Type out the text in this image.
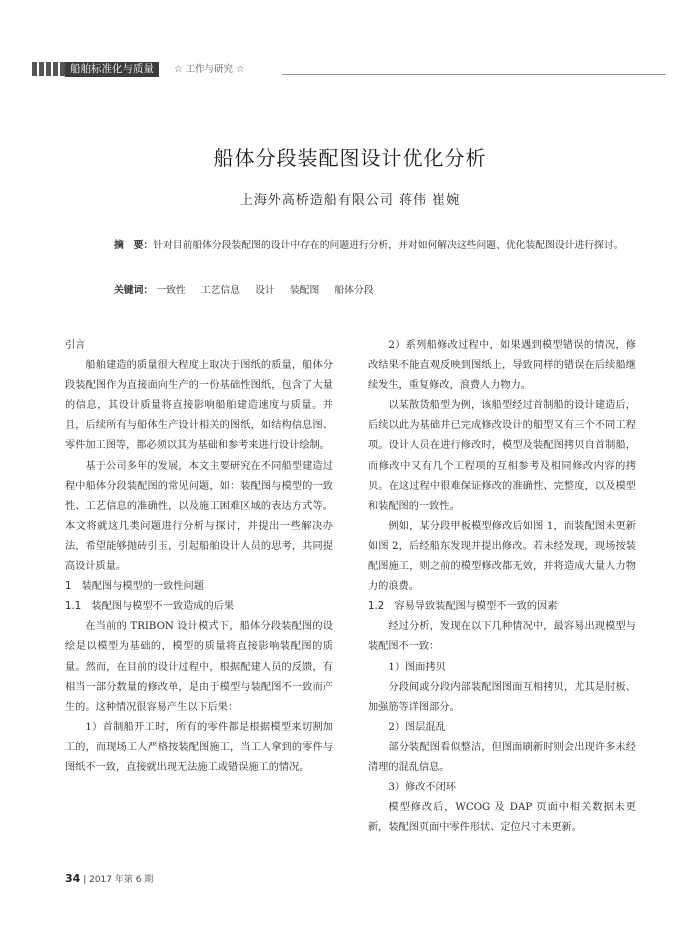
船舶标准化与质量	☆ 工作与研究 ☆
船体分段装配图设计优化分析
上海外高桥造船有限公司 蒋伟 崔婉
摘　要：针对目前船体分段装配图的设计中存在的问题进行分析，并对如何解决这些问题、优化装配图设计进行探讨。
关键词： 一致性 工艺信息 设计 装配图 船体分段

引言

船舶建造的质量很大程度上取决于图纸的质量，船体分段装配图作为直接面向生产的一份基础性图纸，包含了大量的信息，其设计质量将直接影响船舶建造速度与质量。并且，后续所有与船体生产设计相关的图纸，如结构信息图、零件加工图等，都必须以其为基础和参考来进行设计绘制。

基于公司多年的发展，本文主要研究在不同船型建造过程中船体分段装配图的常见问题，如：装配图与模型的一致性、工艺信息的准确性，以及施工困难区域的表达方式等。本文将就这几类问题进行分析与探讨，并提出一些解决办法，希望能够抛砖引玉，引起船舶设计人员的思考，共同提高设计质量。

1　装配图与模型的一致性问题

1.1　装配图与模型不一致造成的后果

在当前的 TRIBON 设计模式下，船体分段装配图的设绘是以模型为基础的，模型的质量将直接影响装配图的质量。然而，在目前的设计过程中，根据配建人员的反馈，有相当一部分数量的修改单，是由于模型与装配图不一致而产生的。这种情况很容易产生以下后果：

1）首制船开工时，所有的零件都是根据模型来切割加工的，而现场工人严格按装配图施工，当工人拿到的零件与图纸不一致，直接就出现无法施工或错误施工的情况。

2）系列船修改过程中，如果遇到模型错误的情况，修改结果不能直观反映到图纸上，导致同样的错误在后续船继续发生，重复修改，浪费人力物力。

以某散货船型为例，该船型经过首制船的设计建造后，后续以此为基础并已完成修改设计的船型又有三个不同工程项。设计人员在进行修改时，模型及装配图拷贝自首制船，而修改中又有几个工程项的互相参考及相同修改内容的拷贝。在这过程中很难保证修改的准确性、完整度，以及模型和装配图的一致性。

例如，某分段甲板模型修改后如图 1，而装配图未更新如图 2，后经船东发现并提出修改。若未经发现，现场按装配图施工，则之前的模型修改都无效，并将造成大量人力物力的浪费。

1.2　容易导致装配图与模型不一致的因素

经过分析，发现在以下几种情况中，最容易出现模型与装配图不一致：

1）图面拷贝

分段间或分段内部装配图图面互相拷贝，尤其是肘板、加强筋等详图部分。

2）图层混乱

部分装配图看似整洁，但图面刷新时则会出现许多未经清理的混乱信息。

3）修改不闭环

模型修改后，WCOG 及 DAP 页面中相关数据未更新，装配图页面中零件形状、定位尺寸未更新。

34 | 2017 年第 6 期
